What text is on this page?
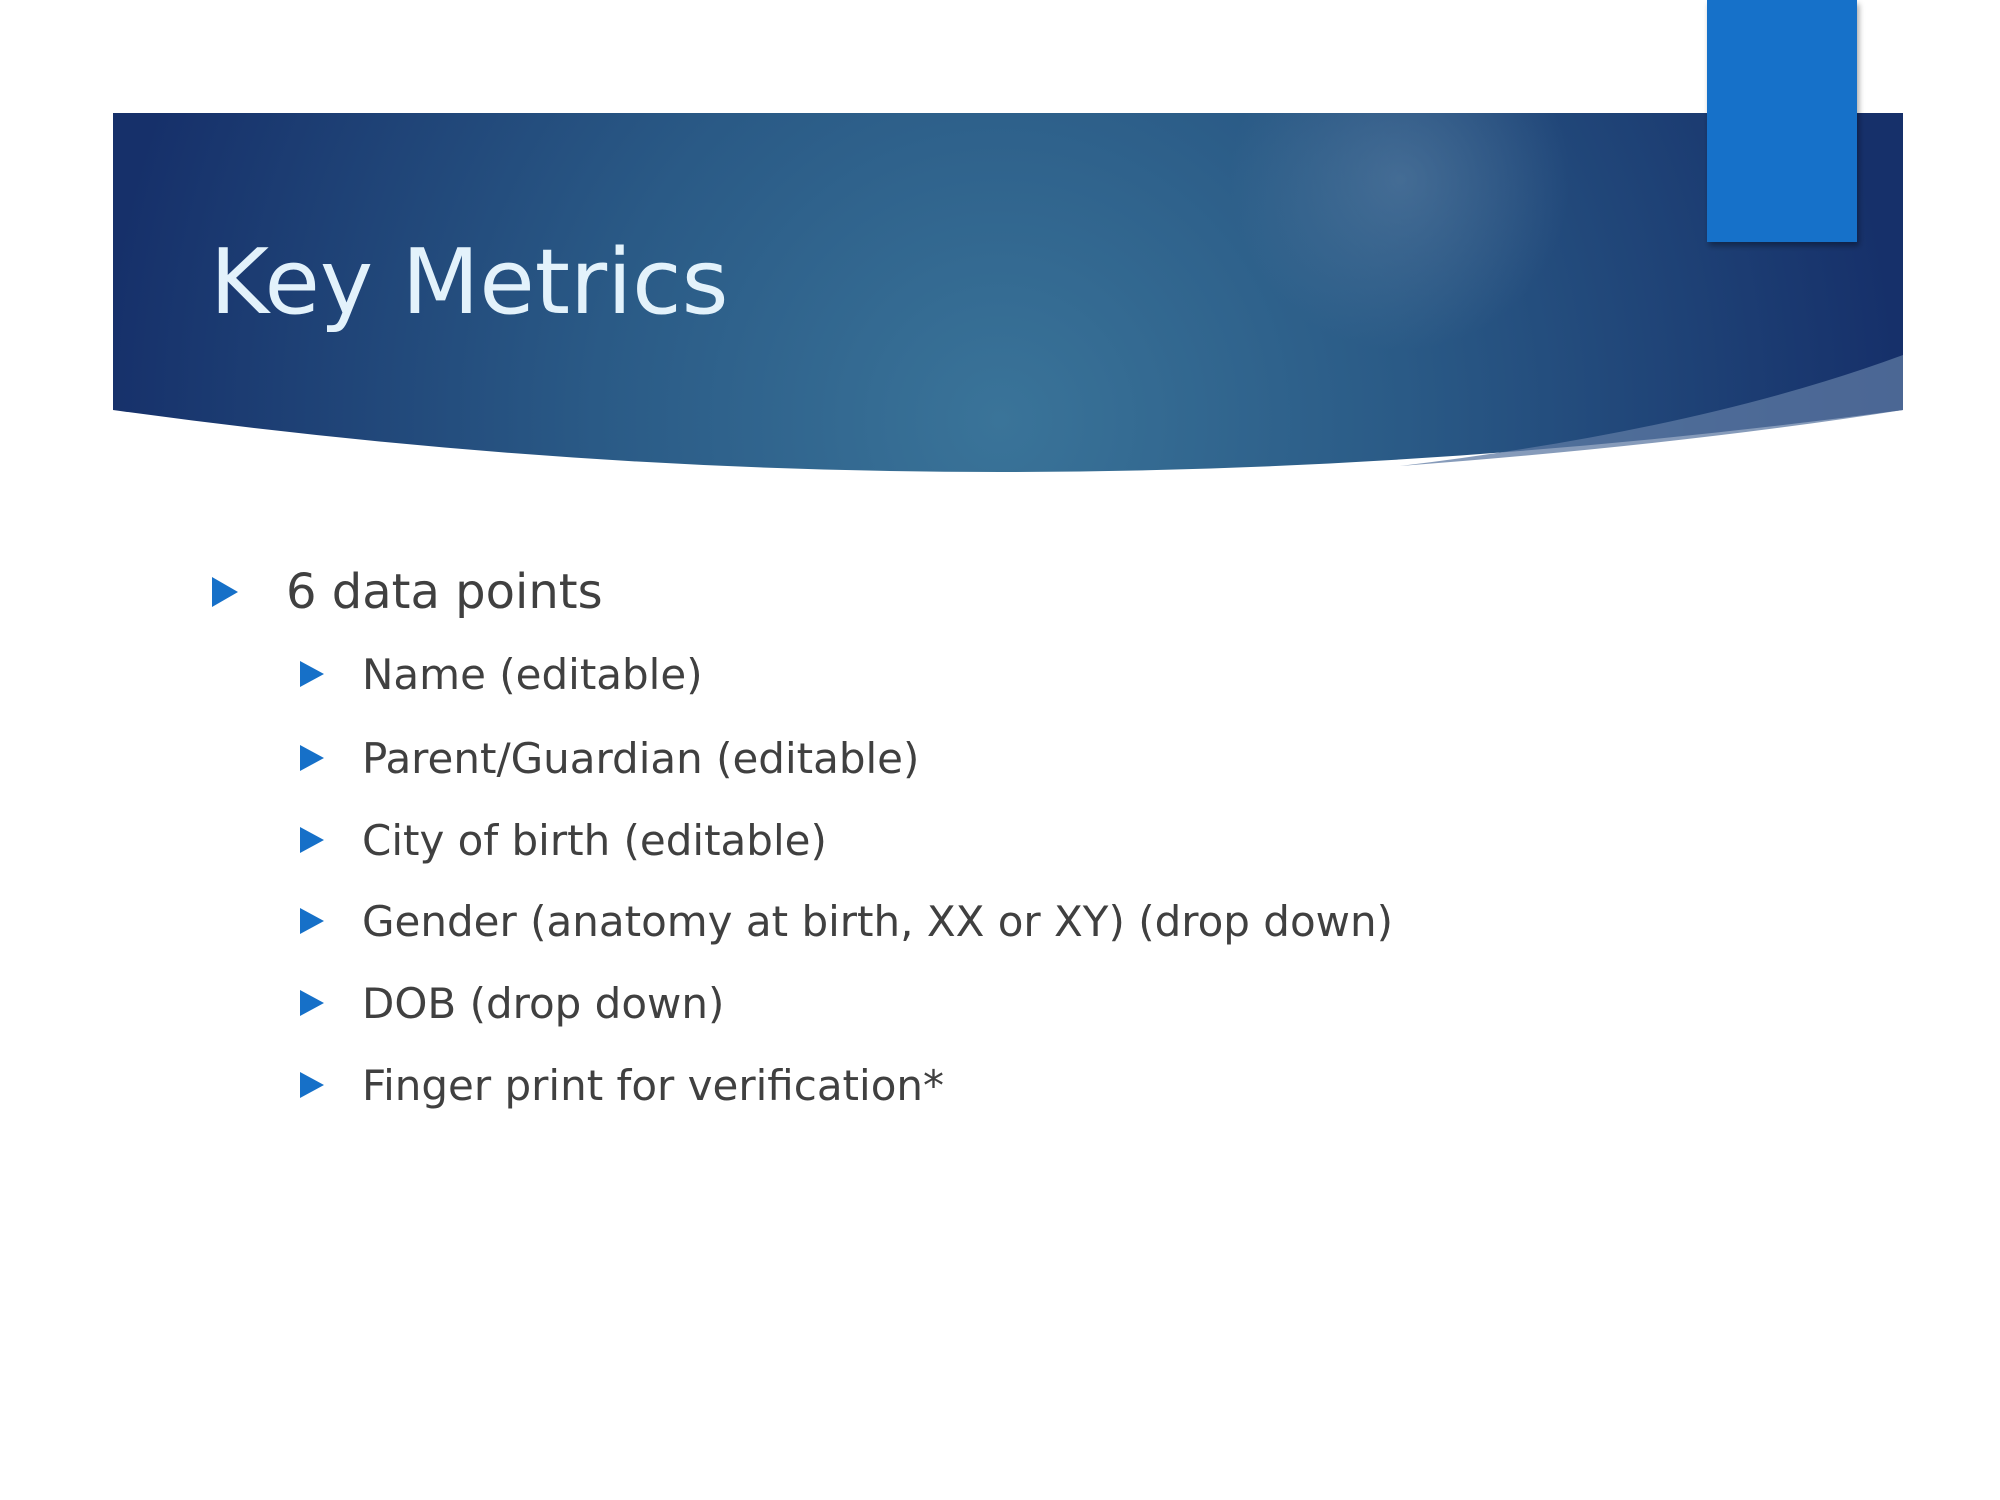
Key Metrics
6 data points
Name (editable)
Parent/Guardian (editable)
City of birth (editable)
Gender (anatomy at birth, XX or XY) (drop down)
DOB (drop down)
Finger print for verification*
